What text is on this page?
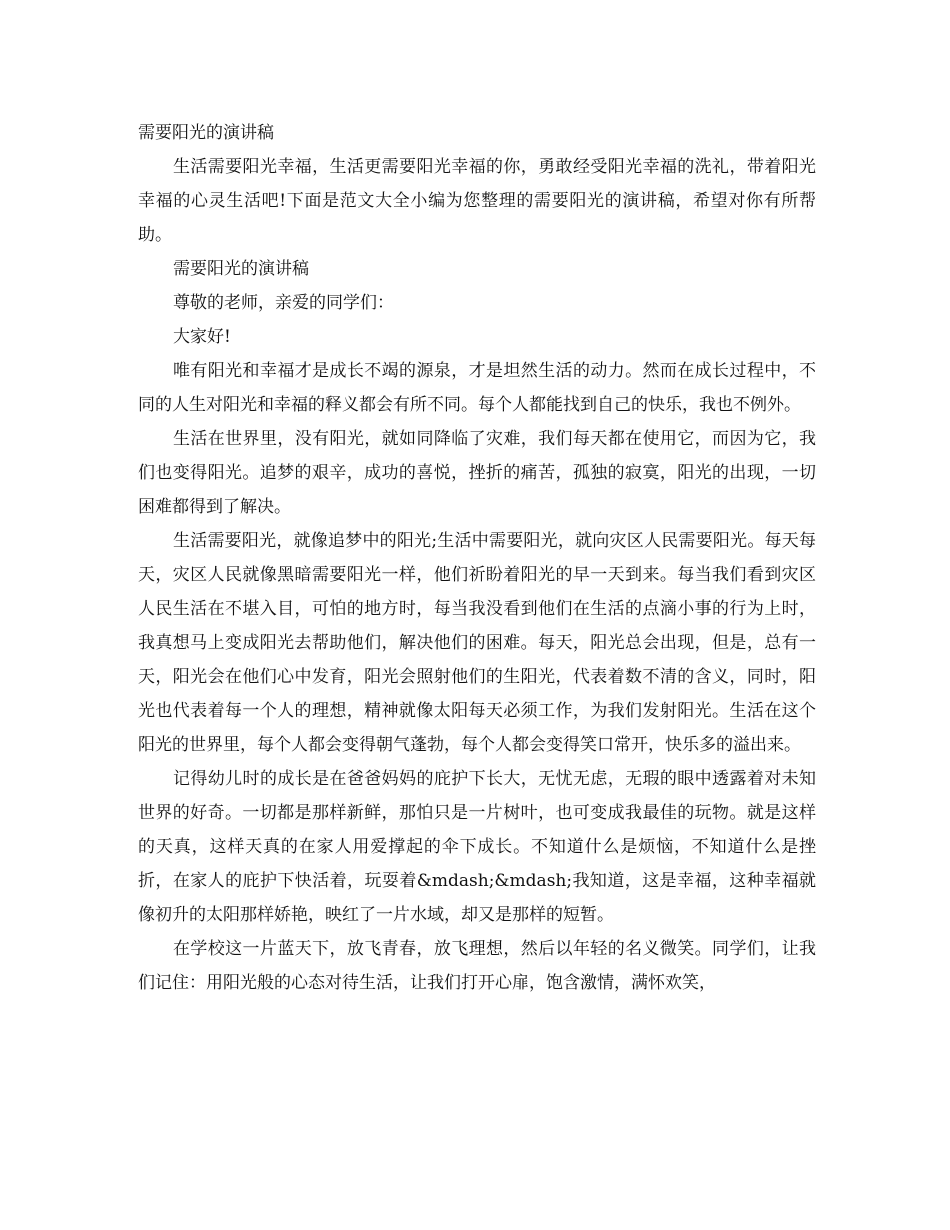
需要阳光的演讲稿

生活需要阳光幸福，生活更需要阳光幸福的你，勇敢经受阳光幸福的洗礼，带着阳光幸福的心灵生活吧!下面是范文大全小编为您整理的需要阳光的演讲稿，希望对你有所帮助。

需要阳光的演讲稿

尊敬的老师，亲爱的同学们：

大家好!

唯有阳光和幸福才是成长不竭的源泉，才是坦然生活的动力。然而在成长过程中，不同的人生对阳光和幸福的释义都会有所不同。每个人都能找到自己的快乐，我也不例外。

生活在世界里，没有阳光，就如同降临了灾难，我们每天都在使用它，而因为它，我们也变得阳光。追梦的艰辛，成功的喜悦，挫折的痛苦，孤独的寂寞，阳光的出现，一切困难都得到了解决。

生活需要阳光，就像追梦中的阳光;生活中需要阳光，就向灾区人民需要阳光。每天每天，灾区人民就像黑暗需要阳光一样，他们祈盼着阳光的早一天到来。每当我们看到灾区人民生活在不堪入目，可怕的地方时，每当我没看到他们在生活的点滴小事的行为上时，我真想马上变成阳光去帮助他们，解决他们的困难。每天，阳光总会出现，但是，总有一天，阳光会在他们心中发育，阳光会照射他们的生阳光，代表着数不清的含义，同时，阳光也代表着每一个人的理想，精神就像太阳每天必须工作，为我们发射阳光。生活在这个阳光的世界里，每个人都会变得朝气蓬勃，每个人都会变得笑口常开，快乐多的溢出来。

记得幼儿时的成长是在爸爸妈妈的庇护下长大，无忧无虑，无瑕的眼中透露着对未知世界的好奇。一切都是那样新鲜，那怕只是一片树叶，也可变成我最佳的玩物。就是这样的天真，这样天真的在家人用爱撑起的伞下成长。不知道什么是烦恼，不知道什么是挫折，在家人的庇护下快活着，玩耍着&mdash;&mdash;我知道，这是幸福，这种幸福就像初升的太阳那样娇艳，映红了一片水域，却又是那样的短暂。

在学校这一片蓝天下，放飞青春，放飞理想，然后以年轻的名义微笑。同学们，让我们记住：用阳光般的心态对待生活，让我们打开心扉，饱含激情，满怀欢笑，
